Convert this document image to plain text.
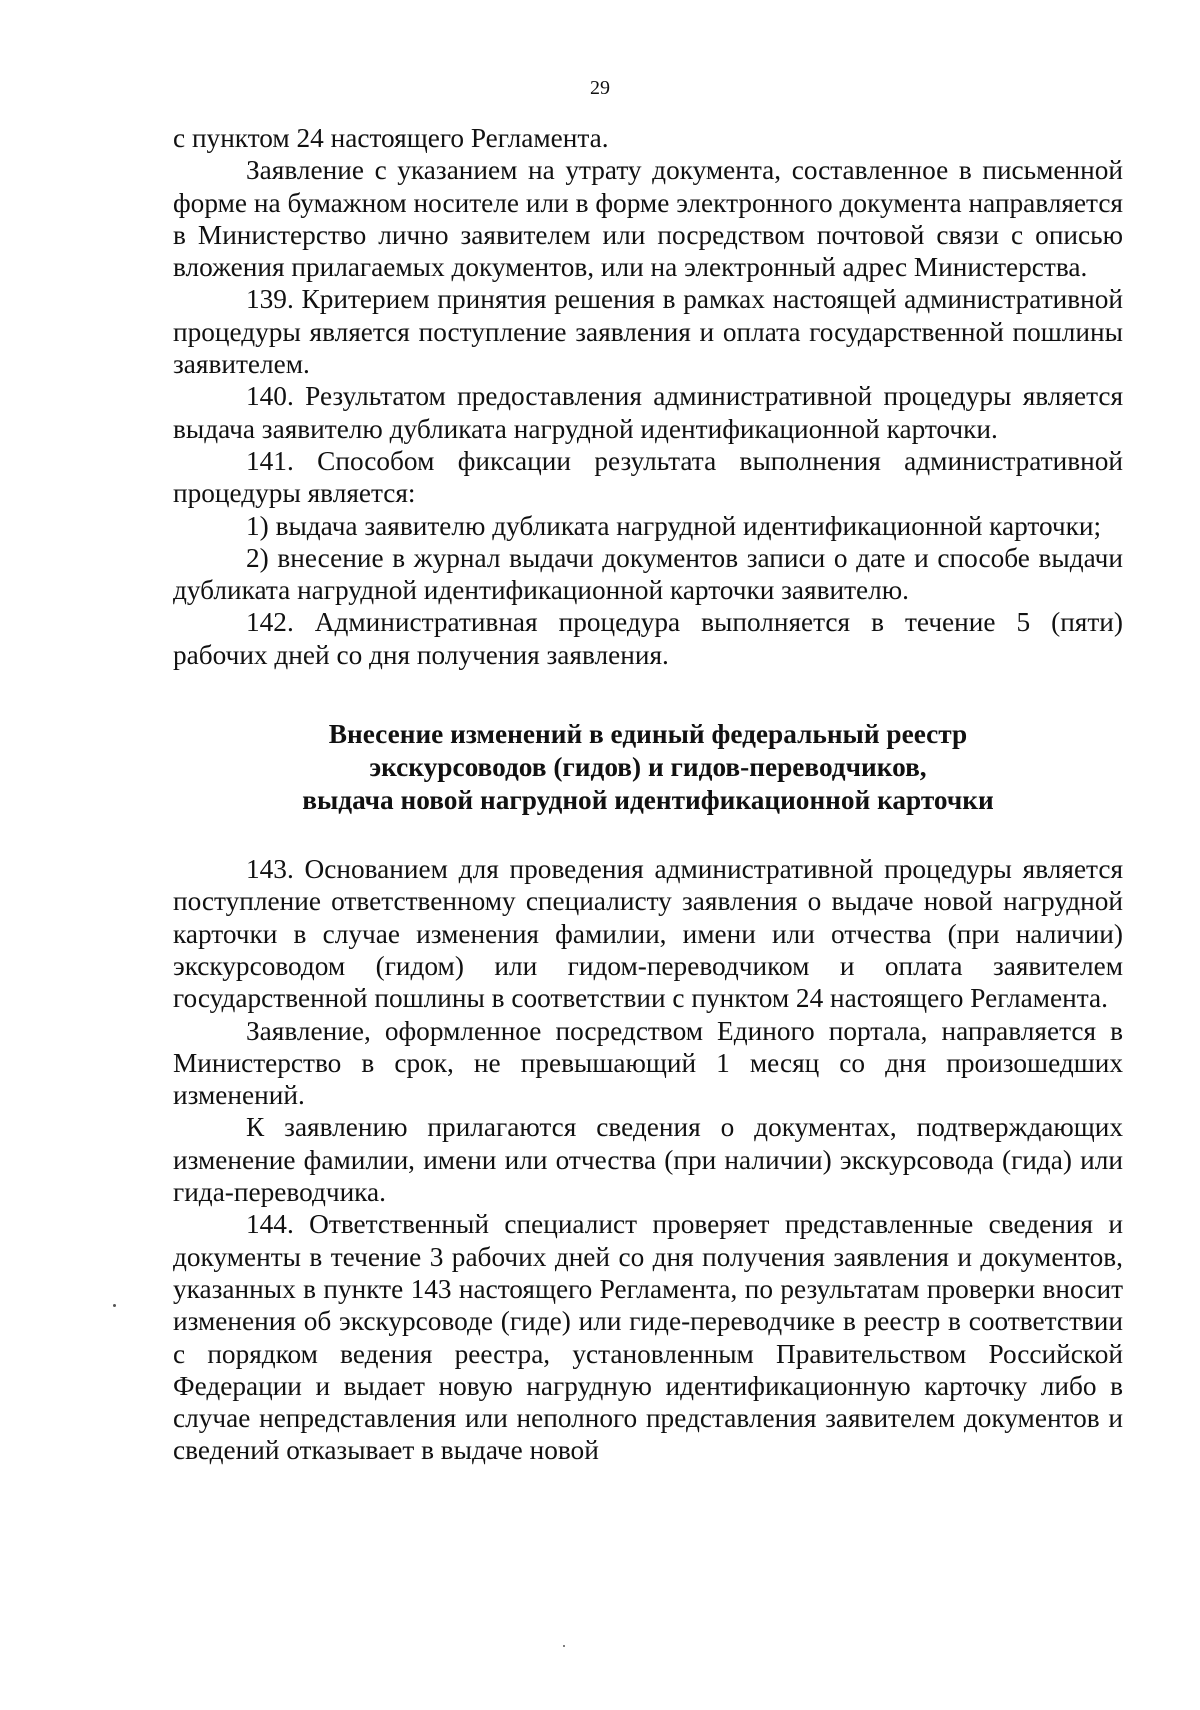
29

с пунктом 24 настоящего Регламента.

Заявление с указанием на утрату документа, составленное в письменной форме на бумажном носителе или в форме электронного документа направляется в Министерство лично заявителем или посредством почтовой связи с описью вложения прилагаемых документов, или на электронный адрес Министерства.

139. Критерием принятия решения в рамках настоящей административной процедуры является поступление заявления и оплата государственной пошлины заявителем.

140. Результатом предоставления административной процедуры является выдача заявителю дубликата нагрудной идентификационной карточки.

141. Способом фиксации результата выполнения административной процедуры является:

1) выдача заявителю дубликата нагрудной идентификационной карточки;

2) внесение в журнал выдачи документов записи о дате и способе выдачи дубликата нагрудной идентификационной карточки заявителю.

142. Административная процедура выполняется в течение 5 (пяти) рабочих дней со дня получения заявления.

Внесение изменений в единый федеральный реестр
экскурсоводов (гидов) и гидов-переводчиков,
выдача новой нагрудной идентификационной карточки

143. Основанием для проведения административной процедуры является поступление ответственному специалисту заявления о выдаче новой нагрудной карточки в случае изменения фамилии, имени или отчества (при наличии) экскурсоводом (гидом) или гидом-переводчиком и оплата заявителем государственной пошлины в соответствии с пунктом 24 настоящего Регламента.

Заявление, оформленное посредством Единого портала, направляется в Министерство в срок, не превышающий 1 месяц со дня произошедших изменений.

К заявлению прилагаются сведения о документах, подтверждающих изменение фамилии, имени или отчества (при наличии) экскурсовода (гида) или гида-переводчика.

144. Ответственный специалист проверяет представленные сведения и документы в течение 3 рабочих дней со дня получения заявления и документов, указанных в пункте 143 настоящего Регламента, по результатам проверки вносит изменения об экскурсоводе (гиде) или гиде-переводчике в реестр в соответствии с порядком ведения реестра, установленным Правительством Российской Федерации и выдает новую нагрудную идентификационную карточку либо в случае непредставления или неполного представления заявителем документов и сведений отказывает в выдаче новой
